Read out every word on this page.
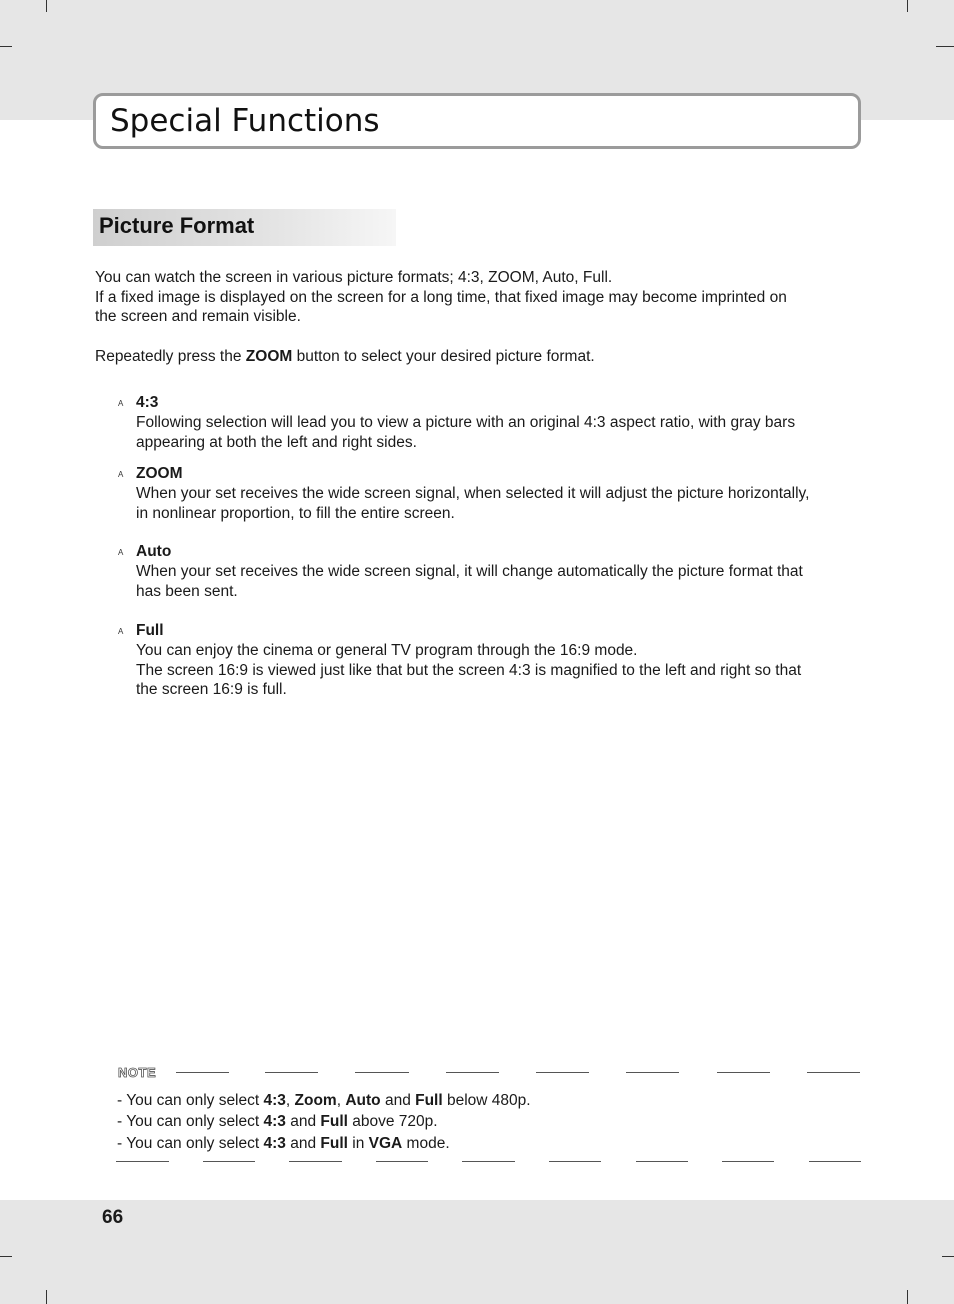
Special Functions
Picture Format
You can watch the screen in various picture formats; 4:3, ZOOM, Auto, Full.
If a fixed image is displayed on the screen for a long time, that fixed image may become imprinted on
the screen and remain visible.
Repeatedly press the ZOOM button to select your desired picture format.
A 4:3
Following selection will lead you to view a picture with an original 4:3 aspect ratio, with gray bars
appearing at both the left and right sides.
A ZOOM
When your set receives the wide screen signal, when selected it will adjust the picture horizontally,
in nonlinear proportion, to fill the entire screen.
A Auto
When your set receives the wide screen signal, it will change automatically the picture format that
has been sent.
A Full
You can enjoy the cinema or general TV program through the 16:9 mode.
The screen 16:9 is viewed just like that but the screen 4:3 is magnified to the left and right so that
the screen 16:9 is full.
NOTE
- You can only select 4:3, Zoom, Auto and Full below 480p.
- You can only select 4:3 and Full above 720p.
- You can only select 4:3 and Full in VGA mode.
66
